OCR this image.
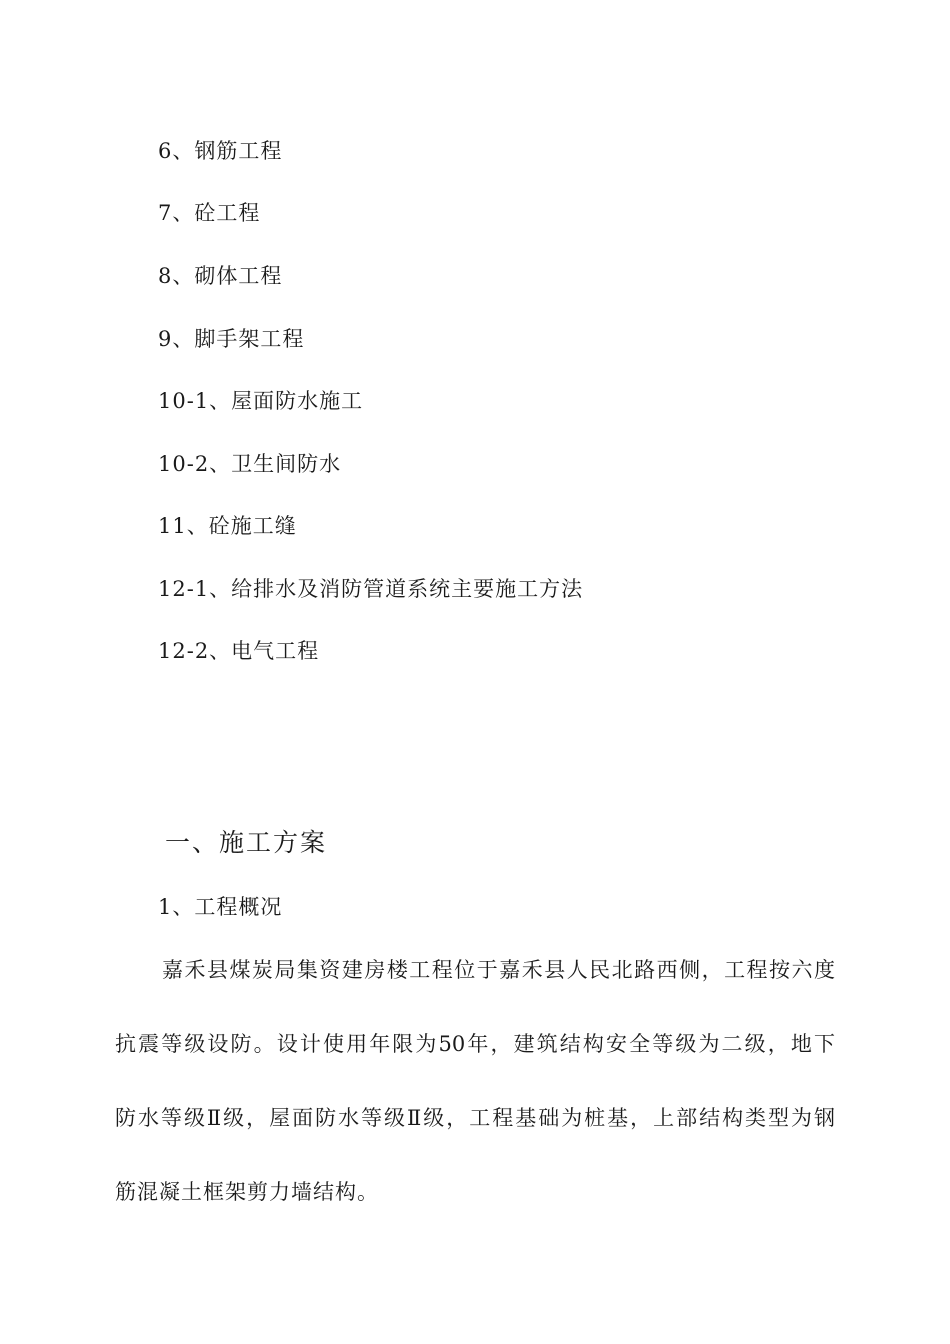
6、钢筋工程
7、砼工程
8、砌体工程
9、脚手架工程
10-1、屋面防水施工
10-2、卫生间防水
11、砼施工缝
12-1、给排水及消防管道系统主要施工方法
12-2、电气工程
一、施工方案
1、工程概况
嘉禾县煤炭局集资建房楼工程位于嘉禾县人民北路西侧，工程按六度
抗震等级设防。设计使用年限为50年，建筑结构安全等级为二级，地下
防水等级Ⅱ级，屋面防水等级Ⅱ级，工程基础为桩基，上部结构类型为钢
筋混凝土框架剪力墙结构。
